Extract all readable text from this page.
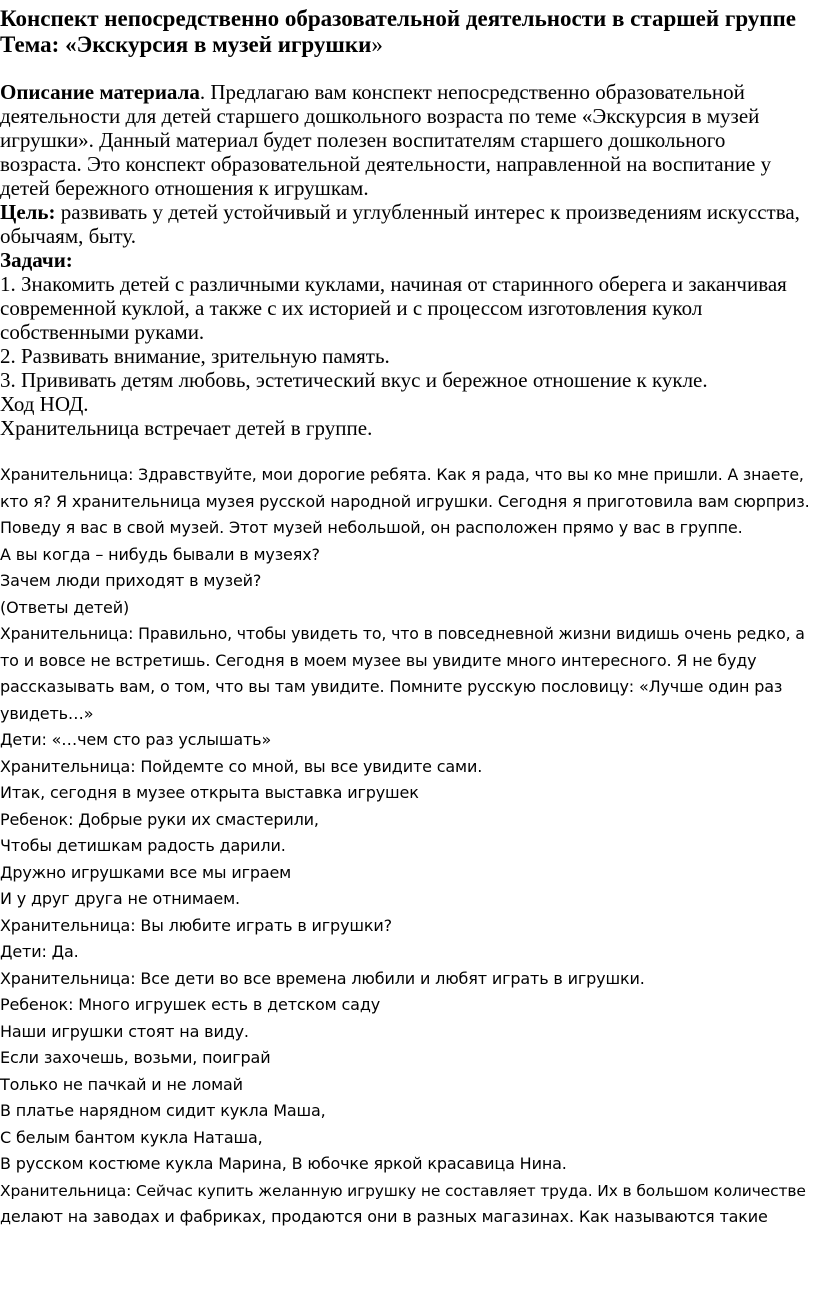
Конспект непосредственно образовательной деятельности в старшей группе
Тема: «Экскурсия в музей игрушки»

Описание материала. Предлагаю вам конспект непосредственно образовательной деятельности для детей старшего дошкольного возраста по теме «Экскурсия в музей игрушки». Данный материал будет полезен воспитателям старшего дошкольного возраста. Это конспект образовательной деятельности, направленной на воспитание у детей бережного отношения к игрушкам.

Цель: развивать у детей устойчивый и углубленный интерес к произведениям искусства, обычаям, быту.

Задачи:

1. Знакомить детей с различными куклами, начиная от старинного оберега и заканчивая современной куклой, а также с их историей и с процессом изготовления кукол собственными руками.

2. Развивать внимание, зрительную память.

3. Прививать детям любовь, эстетический вкус и бережное отношение к кукле.

Ход НОД.

Хранительница встречает детей в группе.

Хранительница: Здравствуйте, мои дорогие ребята. Как я рада, что вы ко мне пришли. А знаете,
кто я? Я хранительница музея русской народной игрушки. Сегодня я приготовила вам сюрприз.
Поведу я вас в свой музей. Этот музей небольшой, он расположен прямо у вас в группе.
А вы когда – нибудь бывали в музеях?
Зачем люди приходят в музей?
(Ответы детей)
Хранительница: Правильно, чтобы увидеть то, что в повседневной жизни видишь очень редко, а
то и вовсе не встретишь. Сегодня в моем музее вы увидите много интересного. Я не буду
рассказывать вам, о том, что вы там увидите. Помните русскую пословицу: «Лучше один раз
увидеть…»
Дети: «…чем сто раз услышать»
Хранительница: Пойдемте со мной, вы все увидите сами.
Итак, сегодня в музее открыта выставка игрушек
Ребенок: Добрые руки их смастерили,
Чтобы детишкам радость дарили.
Дружно игрушками все мы играем
И у друг друга не отнимаем.
Хранительница: Вы любите играть в игрушки?
Дети: Да.
Хранительница: Все дети во все времена любили и любят играть в игрушки.
Ребенок: Много игрушек есть в детском саду
Наши игрушки стоят на виду.
Если захочешь, возьми, поиграй
Только не пачкай и не ломай
В платье нарядном сидит кукла Маша,
С белым бантом кукла Наташа,
В русском костюме кукла Марина, В юбочке яркой красавица Нина.
Хранительница: Сейчас купить желанную игрушку не составляет труда. Их в большом количестве
делают на заводах и фабриках, продаются они в разных магазинах. Как называются такие
